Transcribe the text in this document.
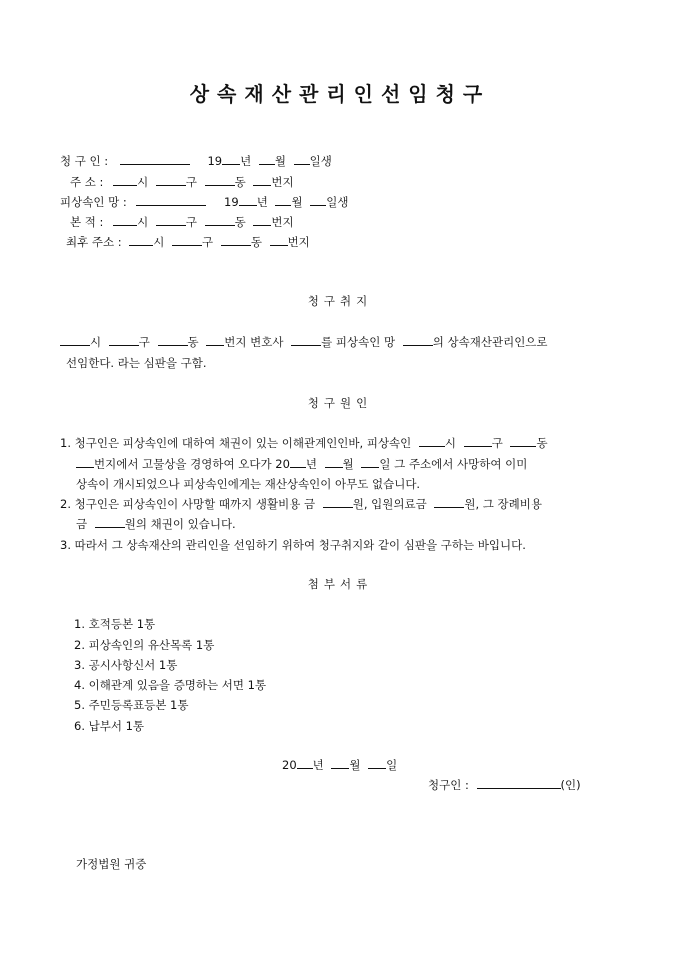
상속재산관리인선임청구
청 구 인 :	19 년 월 일생
주 소 :	시	구	동 번지
피상속인 망 :	19 년 월 일생
본 적 :	시	구	동 번지
최후 주소 :	시	구	동 번지
청구취지
시	구	동 번지 변호사	를 피상속인 망	의 상속재산관리인으로
선임한다. 라는 심판을 구함.
청구원인
1. 청구인은 피상속인에 대하여 채권이 있는 이해관계인인바, 피상속인	시	구	동
번지에서 고물상을 경영하여 오다가 20 년 월 일 그 주소에서 사망하여 이미
상속이 개시되었으나 피상속인에게는 재산상속인이 아무도 없습니다.
2. 청구인은 피상속인이 사망할 때까지 생활비용 금	원, 입원의료금	원, 그 장례비용
금	원의 채권이 있습니다.
3. 따라서 그 상속재산의 관리인을 선임하기 위하여 청구취지와 같이 심판을 구하는 바입니다.
첨부서류
1. 호적등본 1통
2. 피상속인의 유산목록 1통
3. 공시사항신서 1통
4. 이해관계 있음을 증명하는 서면 1통
5. 주민등록표등본 1통
6. 납부서 1통
20 년 월 일
청구인 :	(인)
가정법원 귀중
